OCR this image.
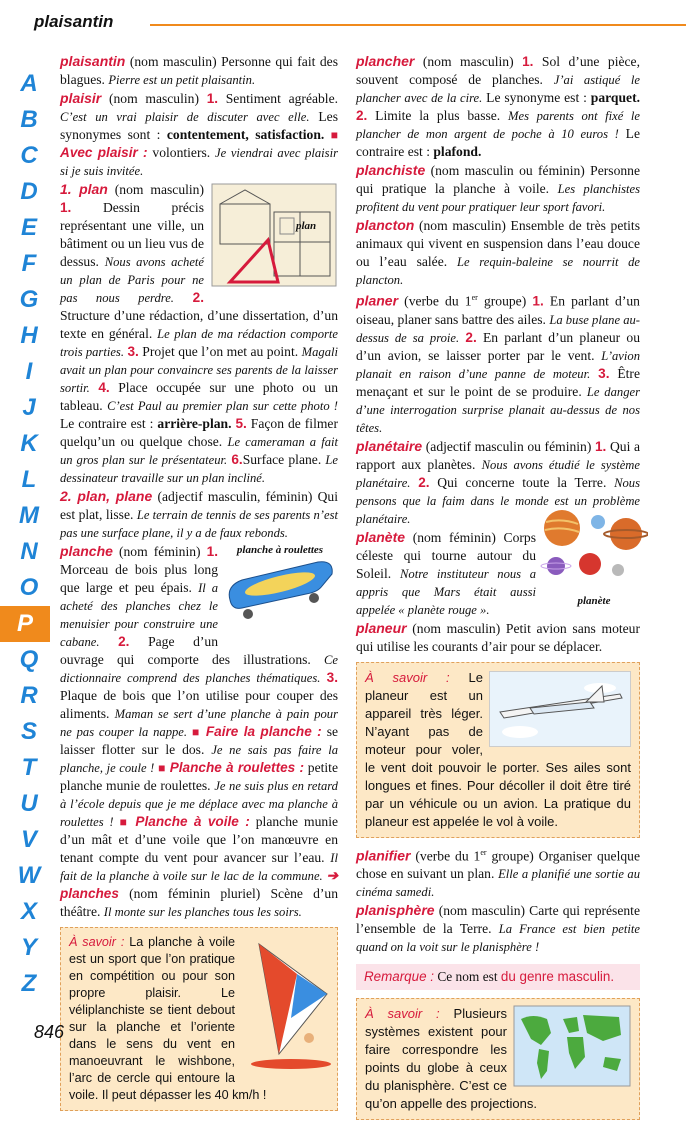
plaisantin
A
B
C
D
E
F
G
H
I
J
K
L
M
N
O
P
Q
R
S
T
U
V
W
X
Y
Z

plaisantin (nom masculin) Personne qui fait des blagues. Pierre est un petit plaisantin.

plaisir (nom masculin) 1. Sentiment agréable. C’est un vrai plaisir de discuter avec elle. Les synonymes sont : contentement, satisfaction. ■ Avec plaisir : volontiers. Je viendrai avec plaisir si je suis invitée.

plan

1. plan (nom masculin) 1. Dessin précis représentant une ville, un bâtiment ou un lieu vus de dessus. Nous avons acheté un plan de Paris pour ne pas nous perdre. 2. Structure d’une rédaction, d’une dissertation, d’un texte en général. Le plan de ma rédaction comporte trois parties. 3. Projet que l’on met au point. Magali avait un plan pour convaincre ses parents de la laisser sortir. 4. Place occupée sur une photo ou un tableau. C’est Paul au premier plan sur cette photo ! Le contraire est : arrière-plan. 5. Façon de filmer quelqu’un ou quelque chose. Le cameraman a fait un gros plan sur le présentateur. 6.Surface plane. Le dessinateur travaille sur un plan incliné.

2. plan, plane (adjectif masculin, féminin) Qui est plat, lisse. Le terrain de tennis de ses parents n’est pas une surface plane, il y a de faux rebonds.

planche à roulettes

planche (nom féminin) 1. Morceau de bois plus long que large et peu épais. Il a acheté des planches chez le menuisier pour construire une cabane. 2. Page d’un ouvrage qui comporte des illustrations. Ce dictionnaire comprend des planches thématiques. 3. Plaque de bois que l’on utilise pour couper des aliments. Maman se sert d’une planche à pain pour ne pas couper la nappe. ■ Faire la planche : se laisser flotter sur le dos. Je ne sais pas faire la planche, je coule ! ■ Planche à roulettes : petite planche munie de roulettes. Je ne suis plus en retard à l’école depuis que je me déplace avec ma planche à roulettes ! ■ Planche à voile : planche munie d’un mât et d’une voile que l’on manœuvre en tenant compte du vent pour avancer sur l’eau. Il fait de la planche à voile sur le lac de la commune. ➔ planches (nom féminin pluriel) Scène d’un théâtre. Il monte sur les planches tous les soirs.

À savoir : La planche à voile est un sport que l’on pratique en compétition ou pour son propre plaisir. Le véliplanchiste se tient debout sur la planche et l’oriente dans le sens du vent en manoeuvrant le wishbone, l’arc de cercle qui entoure la voile. Il peut dépasser les 40 km/h !

plancher (nom masculin) 1. Sol d’une pièce, souvent composé de planches. J’ai astiqué le plancher avec de la cire. Le synonyme est : parquet. 2. Limite la plus basse. Mes parents ont fixé le plancher de mon argent de poche à 10 euros ! Le contraire est : plafond.

planchiste (nom masculin ou féminin) Personne qui pratique la planche à voile. Les planchistes profitent du vent pour pratiquer leur sport favori.

plancton (nom masculin) Ensemble de très petits animaux qui vivent en suspension dans l’eau douce ou l’eau salée. Le requin-baleine se nourrit de plancton.

planer (verbe du 1er groupe) 1. En parlant d’un oiseau, planer sans battre des ailes. La buse plane au-dessus de sa proie. 2. En parlant d’un planeur ou d’un avion, se laisser porter par le vent. L’avion planait en raison d’une panne de moteur. 3. Être menaçant et sur le point de se produire. Le danger d’une interrogation surprise planait au-dessus de nos têtes.

planétaire (adjectif masculin ou féminin) 1. Qui a rapport aux planètes. Nous avons étudié le système planétaire. 2. Qui concerne toute la Terre. Nous pensons que la faim dans le monde est un problème planétaire.

planète

planète (nom féminin) Corps céleste qui tourne autour du Soleil. Notre instituteur nous a appris que Mars était aussi appelée « planète rouge ».

planeur (nom masculin) Petit avion sans moteur qui utilise les courants d’air pour se déplacer.

À savoir : Le planeur est un appareil très léger. N’ayant pas de moteur pour voler, le vent doit pouvoir le porter. Ses ailes sont longues et fines. Pour décoller il doit être tiré par un véhicule ou un avion. La pratique du planeur est appelée le vol à voile.

planifier (verbe du 1er groupe) Organiser quelque chose en suivant un plan. Elle a planifié une sortie au cinéma samedi.

planisphère (nom masculin) Carte qui représente l’ensemble de la Terre. La France est bien petite quand on la voit sur le planisphère !

Remarque : Ce nom est du genre masculin.
À savoir : Plusieurs systèmes existent pour faire correspondre les points du globe à ceux du planisphère. C’est ce qu’on appelle des projections.
846
